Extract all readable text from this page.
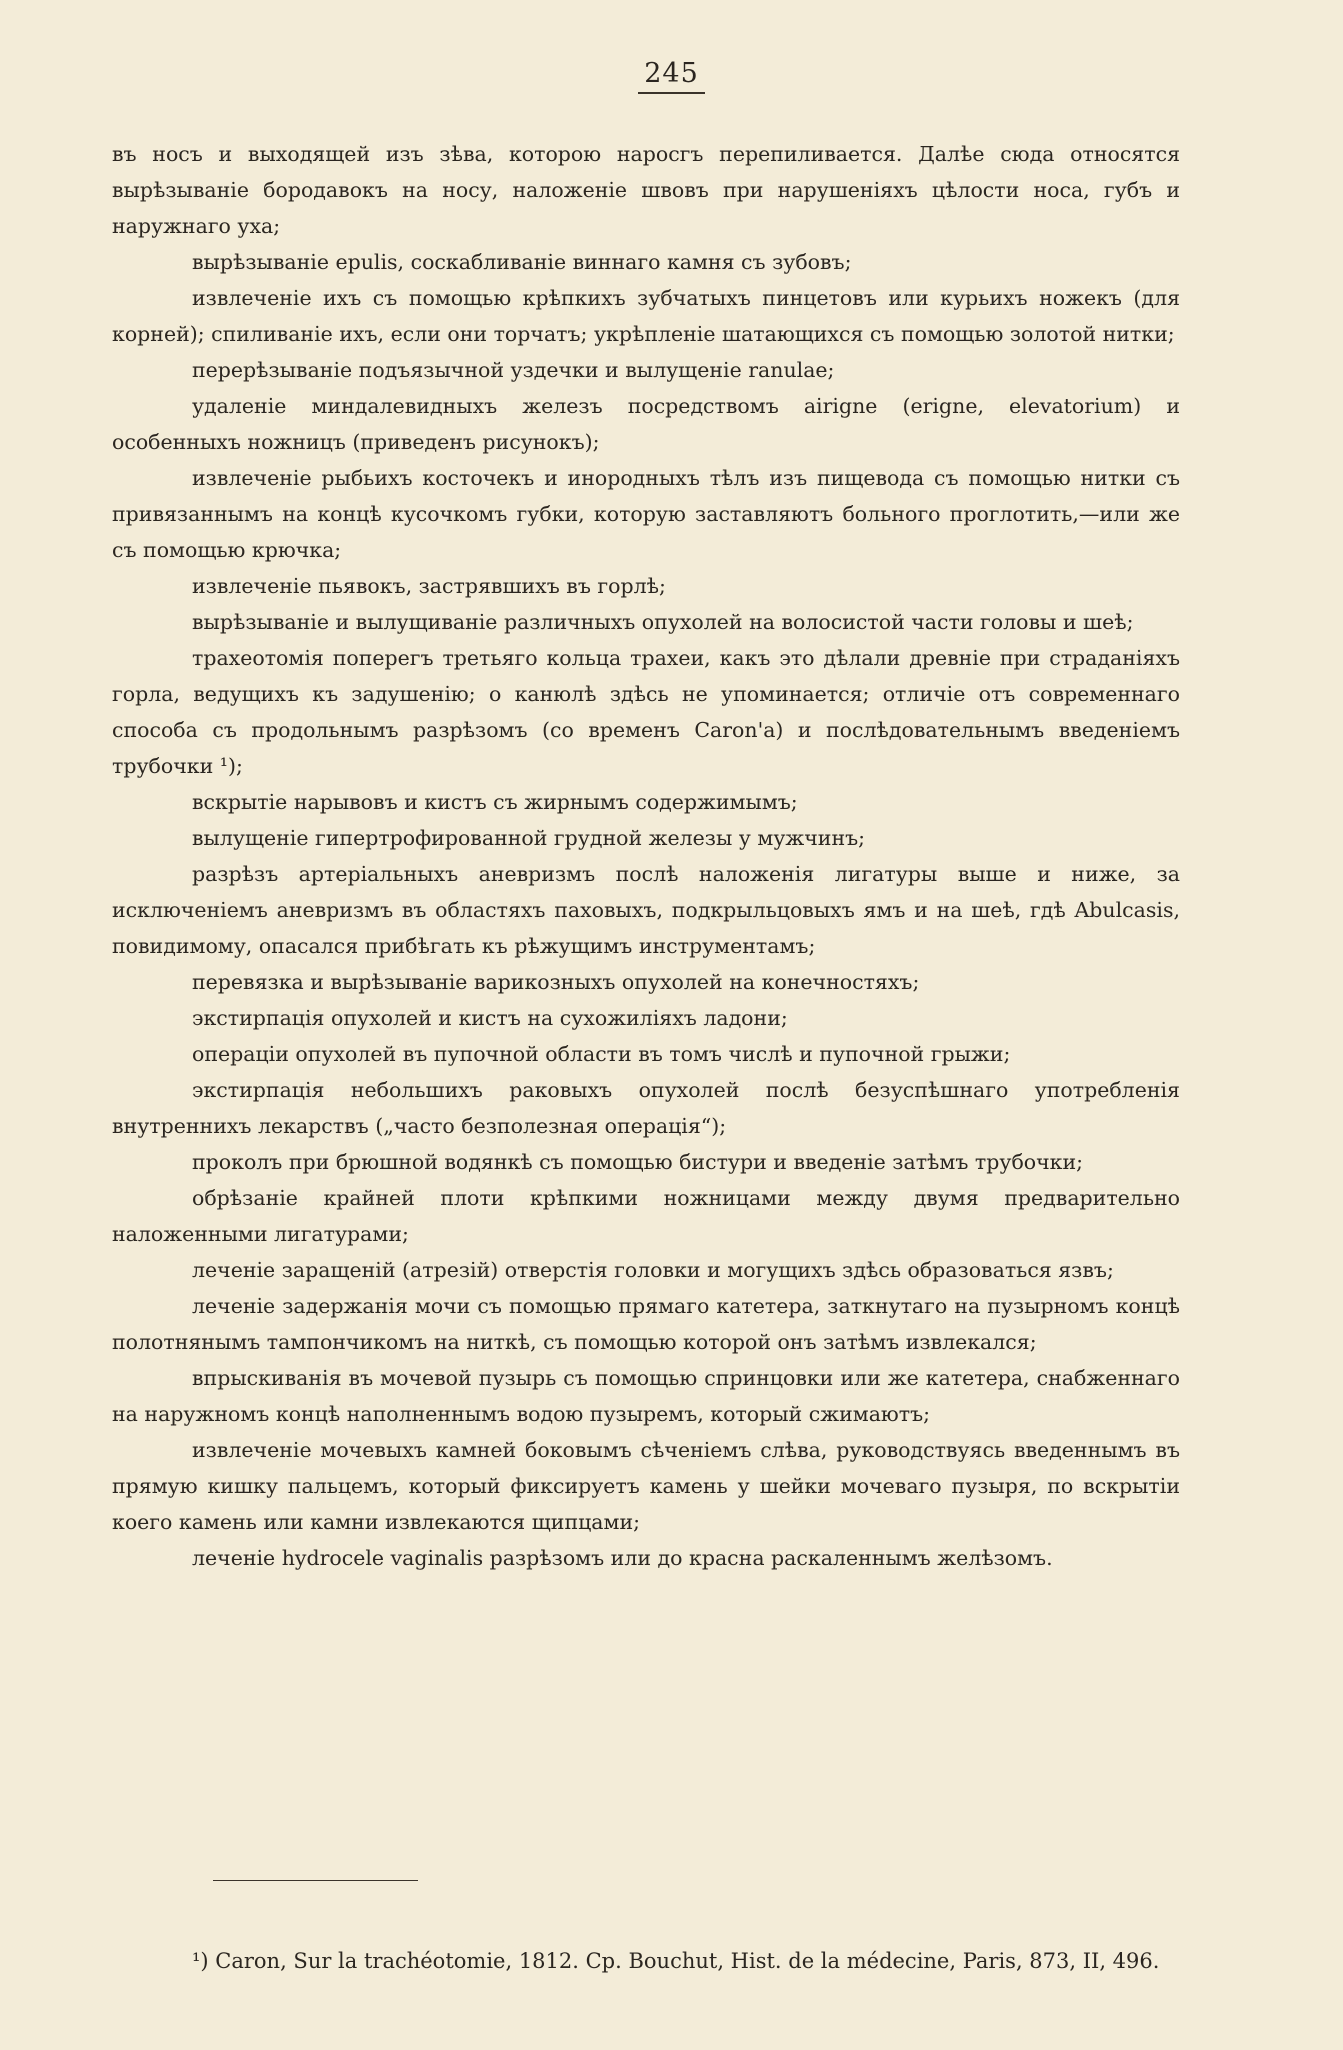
245

въ носъ и выходящей изъ зѣва, которою наросгъ перепиливается. Далѣе сюда относятся вырѣзываніе бородавокъ на носу, наложеніе швовъ при нарушеніяхъ цѣлости носа, губъ и наружнаго уха;

вырѣзываніе epulis, соскабливаніе виннаго камня съ зубовъ;

извлеченіе ихъ съ помощью крѣпкихъ зубчатыхъ пинцетовъ или курьихъ ножекъ (для корней); спиливаніе ихъ, если они торчатъ; укрѣпленіе шатающихся съ помощью золотой нитки;

перерѣзываніе подъязычной уздечки и вылущеніе ranulae;

удаленіе миндалевидныхъ железъ посредствомъ airigne (erigne, elevatorium) и особенныхъ ножницъ (приведенъ рисунокъ);

извлеченіе рыбьихъ косточекъ и инородныхъ тѣлъ изъ пищевода съ помощью нитки съ привязаннымъ на концѣ кусочкомъ губки, которую заставляютъ больного проглотить,—или же съ помощью крючка;

извлеченіе пьявокъ, застрявшихъ въ горлѣ;

вырѣзываніе и вылущиваніе различныхъ опухолей на волосистой части головы и шеѣ;

трахеотомія поперегъ третьяго кольца трахеи, какъ это дѣлали древніе при страданіяхъ горла, ведущихъ къ задушенію; о канюлѣ здѣсь не упоминается; отличіе отъ современнаго способа съ продольнымъ разрѣзомъ (со временъ Caron'a) и послѣдовательнымъ введеніемъ трубочки ¹);

вскрытіе нарывовъ и кистъ съ жирнымъ содержимымъ;

вылущеніе гипертрофированной грудной железы у мужчинъ;

разрѣзъ артеріальныхъ аневризмъ послѣ наложенія лигатуры выше и ниже, за исключеніемъ аневризмъ въ областяхъ паховыхъ, подкрыльцовыхъ ямъ и на шеѣ, гдѣ Abulcasis, повидимому, опасался прибѣгать къ рѣжущимъ инструментамъ;

перевязка и вырѣзываніе варикозныхъ опухолей на конечностяхъ;

экстирпація опухолей и кистъ на сухожиліяхъ ладони;

операціи опухолей въ пупочной области въ томъ числѣ и пупочной грыжи;

экстирпація небольшихъ раковыхъ опухолей послѣ безуспѣшнаго употребленія внутреннихъ лекарствъ („часто безполезная операція“);

проколъ при брюшной водянкѣ съ помощью бистури и введеніе затѣмъ трубочки;

обрѣзаніе крайней плоти крѣпкими ножницами между двумя предварительно наложенными лигатурами;

леченіе заращеній (атрезій) отверстія головки и могущихъ здѣсь образоваться язвъ;

леченіе задержанія мочи съ помощью прямаго катетера, заткнутаго на пузырномъ концѣ полотнянымъ тампончикомъ на ниткѣ, съ помощью которой онъ затѣмъ извлекался;

впрыскиванія въ мочевой пузырь съ помощью спринцовки или же катетера, снабженнаго на наружномъ концѣ наполненнымъ водою пузыремъ, который сжимаютъ;

извлеченіе мочевыхъ камней боковымъ сѣченіемъ слѣва, руководствуясь введеннымъ въ прямую кишку пальцемъ, который фиксируетъ камень у шейки мочеваго пузыря, по вскрытіи коего камень или камни извлекаются щипцами;

леченіе hydrocele vaginalis разрѣзомъ или до красна раскаленнымъ желѣзомъ.

¹) Caron, Sur la trachéotomie, 1812. Cp. Bouchut, Hist. de la médecine, Paris, 873, II, 496.
